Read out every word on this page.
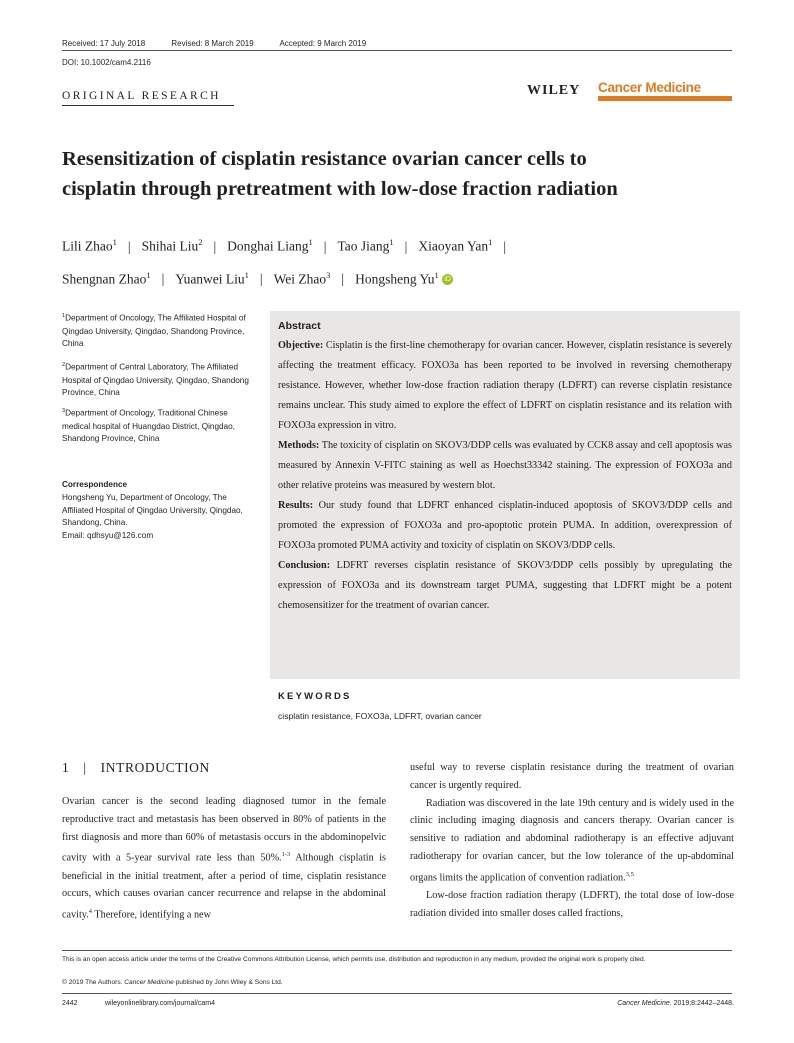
Received: 17 July 2018	Revised: 8 March 2019	Accepted: 9 March 2019
DOI: 10.1002/cam4.2116
ORIGINAL RESEARCH	WILEY Cancer Medicine
Resensitization of cisplatin resistance ovarian cancer cells to
cisplatin through pretreatment with low-dose fraction radiation
Lili Zhao$^1$ | Shihai Liu$^2$ | Donghai Liang$^1$ | Tao Jiang$^1$ | Xiaoyan Yan$^1$ |
Shengnan Zhao$^1$ | Yuanwei Liu$^1$ | Wei Zhao$^3$ | Hongsheng Yu$^1$ iD
$^1$Department of Oncology, The Affiliated Hospital of Qingdao University, Qingdao, Shandong Province, China
$^2$Department of Central Laboratory, The Affiliated Hospital of Qingdao University, Qingdao, Shandong Province, China
$^3$Department of Oncology, Traditional Chinese medical hospital of Huangdao District, Qingdao, Shandong Province, China
Correspondence
Hongsheng Yu, Department of Oncology, The Affiliated Hospital of Qingdao University, Qingdao, Shandong, China.
Email: qdhsyu@126.com

Abstract

Objective: Cisplatin is the first-line chemotherapy for ovarian cancer. However, cisplatin resistance is severely affecting the treatment efficacy. FOXO3a has been reported to be involved in reversing chemotherapy resistance. However, whether low-dose fraction radiation therapy (LDFRT) can reverse cisplatin resistance remains unclear. This study aimed to explore the effect of LDFRT on cisplatin resistance and its relation with FOXO3a expression in vitro.

Methods: The toxicity of cisplatin on SKOV3/DDP cells was evaluated by CCK8 assay and cell apoptosis was measured by Annexin V-FITC staining as well as Hoechst33342 staining. The expression of FOXO3a and other relative proteins was measured by western blot.

Results: Our study found that LDFRT enhanced cisplatin-induced apoptosis of SKOV3/DDP cells and promoted the expression of FOXO3a and pro-apoptotic protein PUMA. In addition, overexpression of FOXO3a promoted PUMA activity and toxicity of cisplatin on SKOV3/DDP cells.

Conclusion: LDFRT reverses cisplatin resistance of SKOV3/DDP cells possibly by upregulating the expression of FOXO3a and its downstream target PUMA, suggesting that LDFRT might be a potent chemosensitizer for the treatment of ovarian cancer.

KEYWORDS
cisplatin resistance, FOXO3a, LDFRT, ovarian cancer
1 | INTRODUCTION

Ovarian cancer is the second leading diagnosed tumor in the female reproductive tract and metastasis has been observed in 80% of patients in the first diagnosis and more than 60% of metastasis occurs in the abdominopelvic cavity with a 5-year survival rate less than 50%.$^{1-3}$ Although cisplatin is beneficial in the initial treatment, after a period of time, cisplatin resistance occurs, which causes ovarian cancer recurrence and relapse in the abdominal cavity.$^4$ Therefore, identifying a new

useful way to reverse cisplatin resistance during the treatment of ovarian cancer is urgently required.

Radiation was discovered in the late 19th century and is widely used in the clinic including imaging diagnosis and cancers therapy. Ovarian cancer is sensitive to radiation and abdominal radiotherapy is an effective adjuvant radiotherapy for ovarian cancer, but the low tolerance of the up-abdominal organs limits the application of convention radiation.$^{3,5}$

Low-dose fraction radiation therapy (LDFRT), the total dose of low-dose radiation divided into smaller doses called fractions,

This is an open access article under the terms of the Creative Commons Attribution License, which permits use, distribution and reproduction in any medium, provided the original work is properly cited.
© 2019 The Authors. Cancer Medicine published by John Wiley & Sons Ltd.
2442	wileyonlinelibrary.com/journal/cam4	Cancer Medicine. 2019;8:2442–2448.
